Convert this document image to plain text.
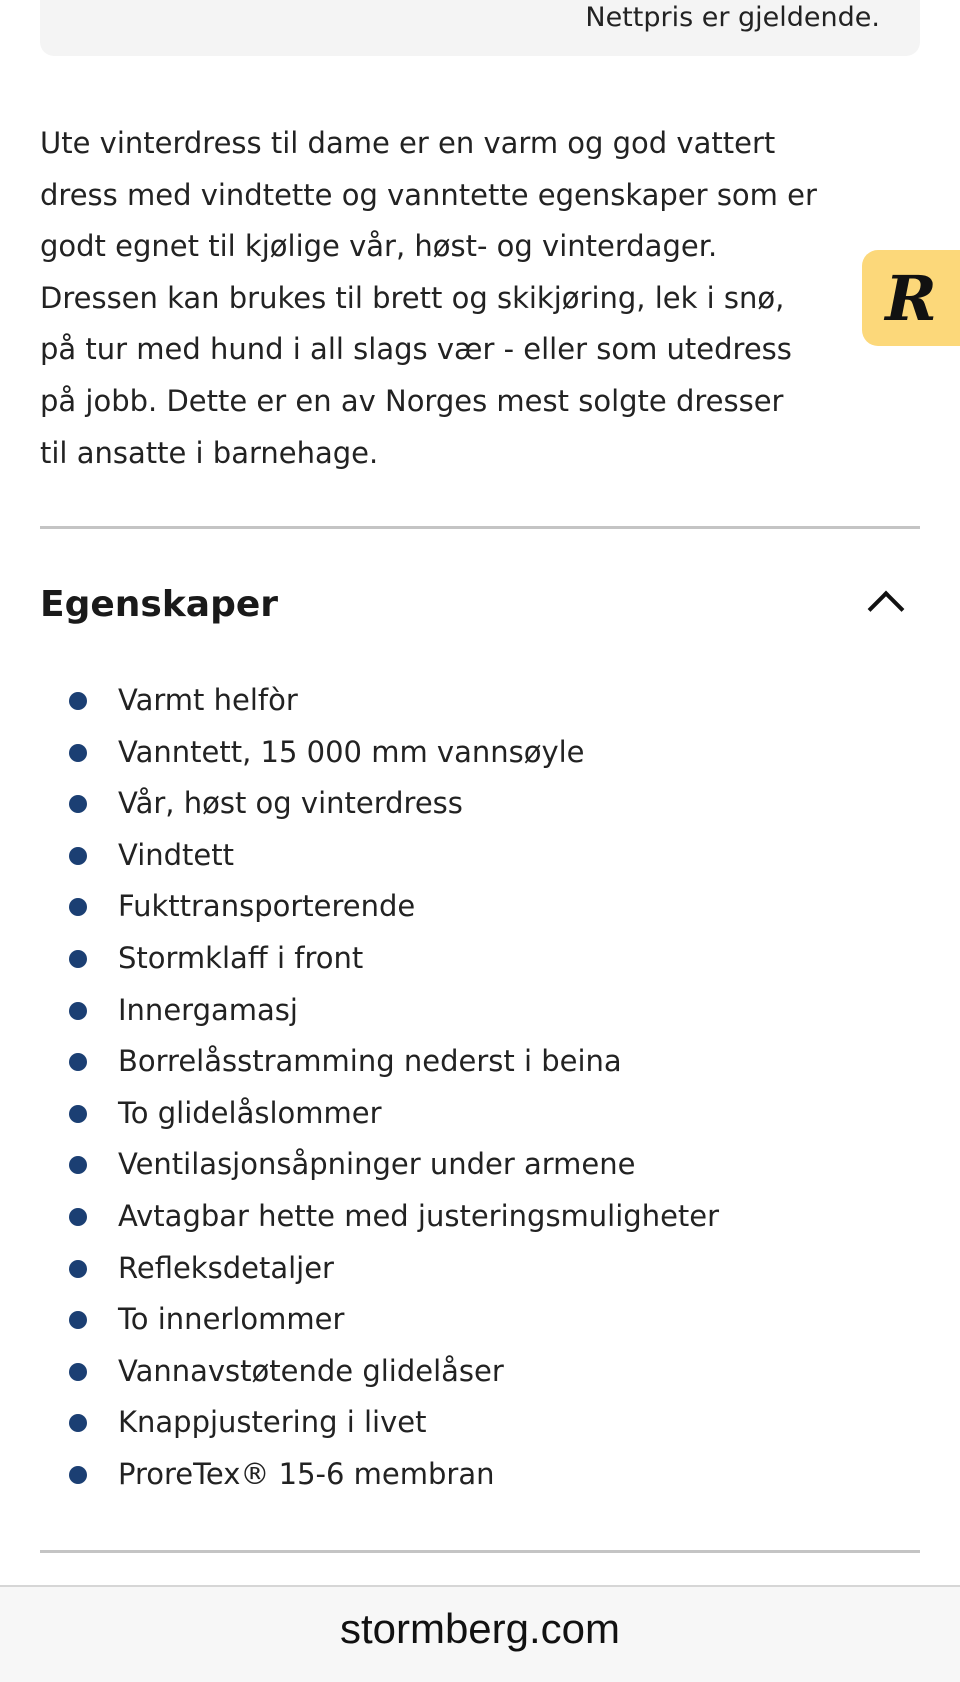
Nettpris er gjeldende.
Ute vinterdress til dame er en varm og god vattert
dress med vindtette og vanntette egenskaper som er
godt egnet til kjølige vår, høst- og vinterdager.
Dressen kan brukes til brett og skikjøring, lek i snø,
på tur med hund i all slags vær - eller som utedress
på jobb. Dette er en av Norges mest solgte dresser
til ansatte i barnehage.
Egenskaper
Varmt helfòr
Vanntett, 15 000 mm vannsøyle
Vår, høst og vinterdress
Vindtett
Fukttransporterende
Stormklaff i front
Innergamasj
Borrelåsstramming nederst i beina
To glidelåslommer
Ventilasjonsåpninger under armene
Avtagbar hette med justeringsmuligheter
Refleksdetaljer
To innerlommer
Vannavstøtende glidelåser
Knappjustering i livet
ProreTex® 15-6 membran
R
stormberg.com
